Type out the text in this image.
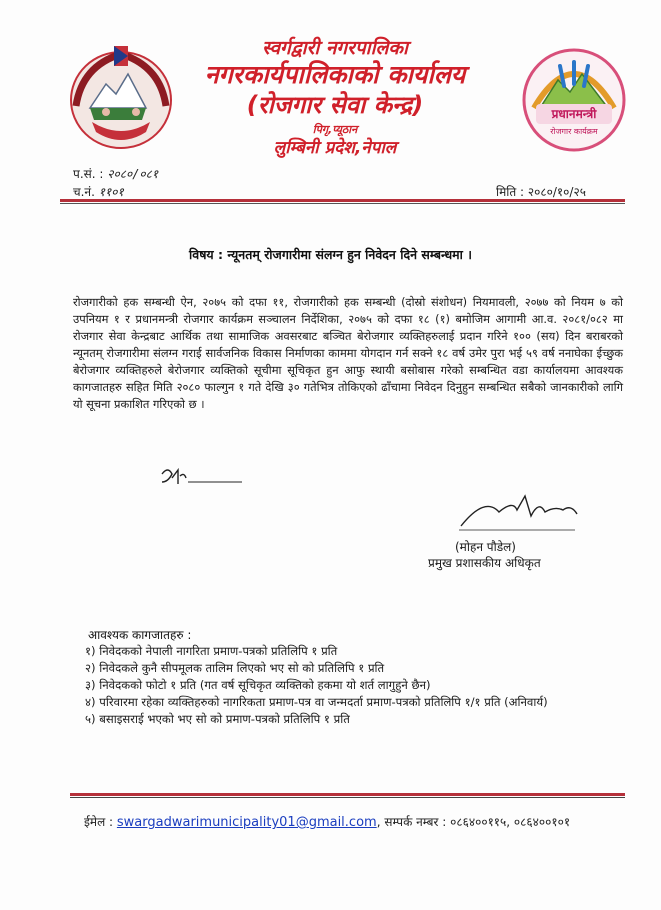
स्वर्गद्वारी नगरपालिका
नगरकार्यपालिकाको कार्यालय
(रोजगार सेवा केन्द्र)
पिगृ,प्यूठान
लुम्बिनी प्रदेश,नेपाल
प्रधानमन्त्री
रोजगार कार्यक्रम
प.सं. : २०८०/०८१
च.नं. ११०१	मिति : २०८०/१०/२५
विषय : न्यूनतम् रोजगारीमा संलग्न हुन निवेदन दिने सम्बन्धमा ।

रोजगारीको हक सम्बन्धी ऐन, २०७५ को दफा ११, रोजगारीको हक सम्बन्धी (दोस्रो संशोधन) नियमावली, २०७७ को नियम ७ को उपनियम १ र प्रधानमन्त्री रोजगार कार्यक्रम सञ्चालन निर्देशिका, २०७५ को दफा १८ (१) बमोजिम आगामी आ.व. २०८१/०८२ मा रोजगार सेवा केन्द्रबाट आर्थिक तथा सामाजिक अवसरबाट बञ्चित बेरोजगार व्यक्तिहरुलाई प्रदान गरिने १०० (सय) दिन बराबरको न्यूनतम् रोजगारीमा संलग्न गराई सार्वजनिक विकास निर्माणका काममा योगदान गर्न सक्ने १८ वर्ष उमेर पुरा भई ५९ वर्ष ननाघेका ईच्छुक बेरोजगार व्यक्तिहरुले बेरोजगार व्यक्तिको सूचीमा सूचिकृत हुन आफु स्थायी बसोबास गरेको सम्बन्धित वडा कार्यालयमा आवश्यक कागजातहरु सहित मिति २०८० फाल्गुन १ गते देखि ३० गतेभित्र तोकिएको ढाँचामा निवेदन दिनुहुन सम्बन्धित सबैको जानकारीको लागि यो सूचना प्रकाशित गरिएको छ ।

(मोहन पौडेल)
प्रमुख प्रशासकीय अधिकृत
आवश्यक कागजातहरु :
१) निवेदकको नेपाली नागरिता प्रमाण-पत्रको प्रतिलिपि १ प्रति
२) निवेदकले कुनै सीपमूलक तालिम लिएको भए सो को प्रतिलिपि १ प्रति
३) निवेदकको फोटो १ प्रति (गत वर्ष सूचिकृत व्यक्तिको हकमा यो शर्त लागुहुने छैन)
४) परिवारमा रहेका व्यक्तिहरुको नागरिकता प्रमाण-पत्र वा जन्मदर्ता प्रमाण-पत्रको प्रतिलिपि १/१ प्रति (अनिवार्य)
५) बसाइसराई भएको भए सो को प्रमाण-पत्रको प्रतिलिपि १ प्रति
ईमेल : swargadwarimunicipality01@gmail.com, सम्पर्क नम्बर : ०८६४००११५, ०८६४००१०१
